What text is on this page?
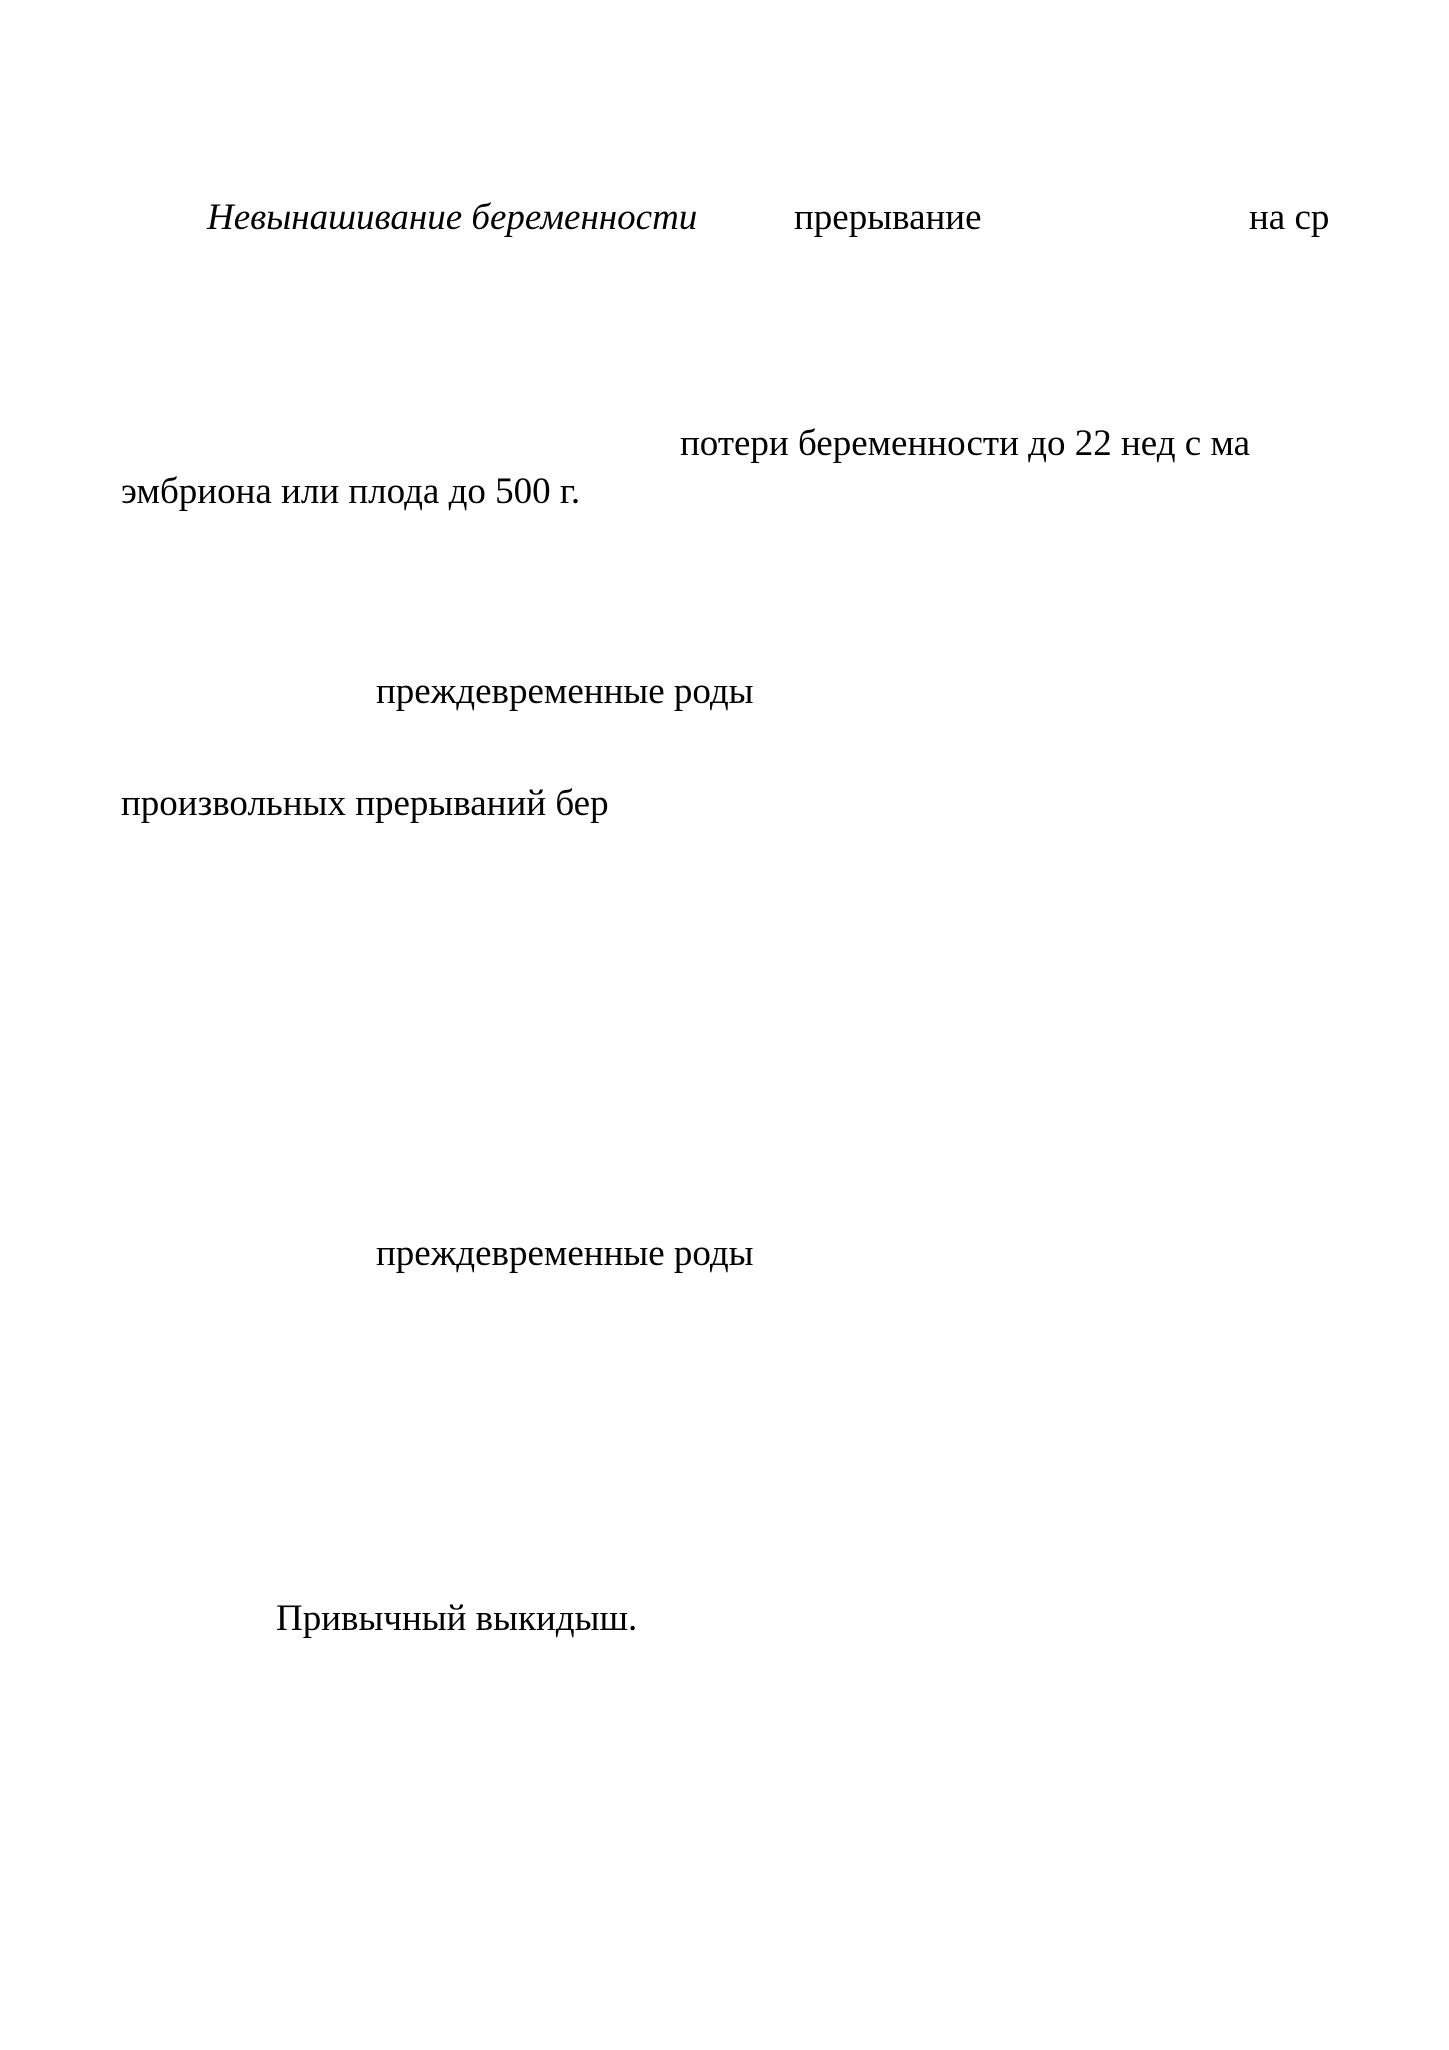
Невынашивание беременности	прерывание	на ср
потери беременности до 22 нед с ма
эмбриона или плода до 500 г.
преждевременные роды
произвольных прерываний бер
преждевременные роды
Привычный выкидыш.
